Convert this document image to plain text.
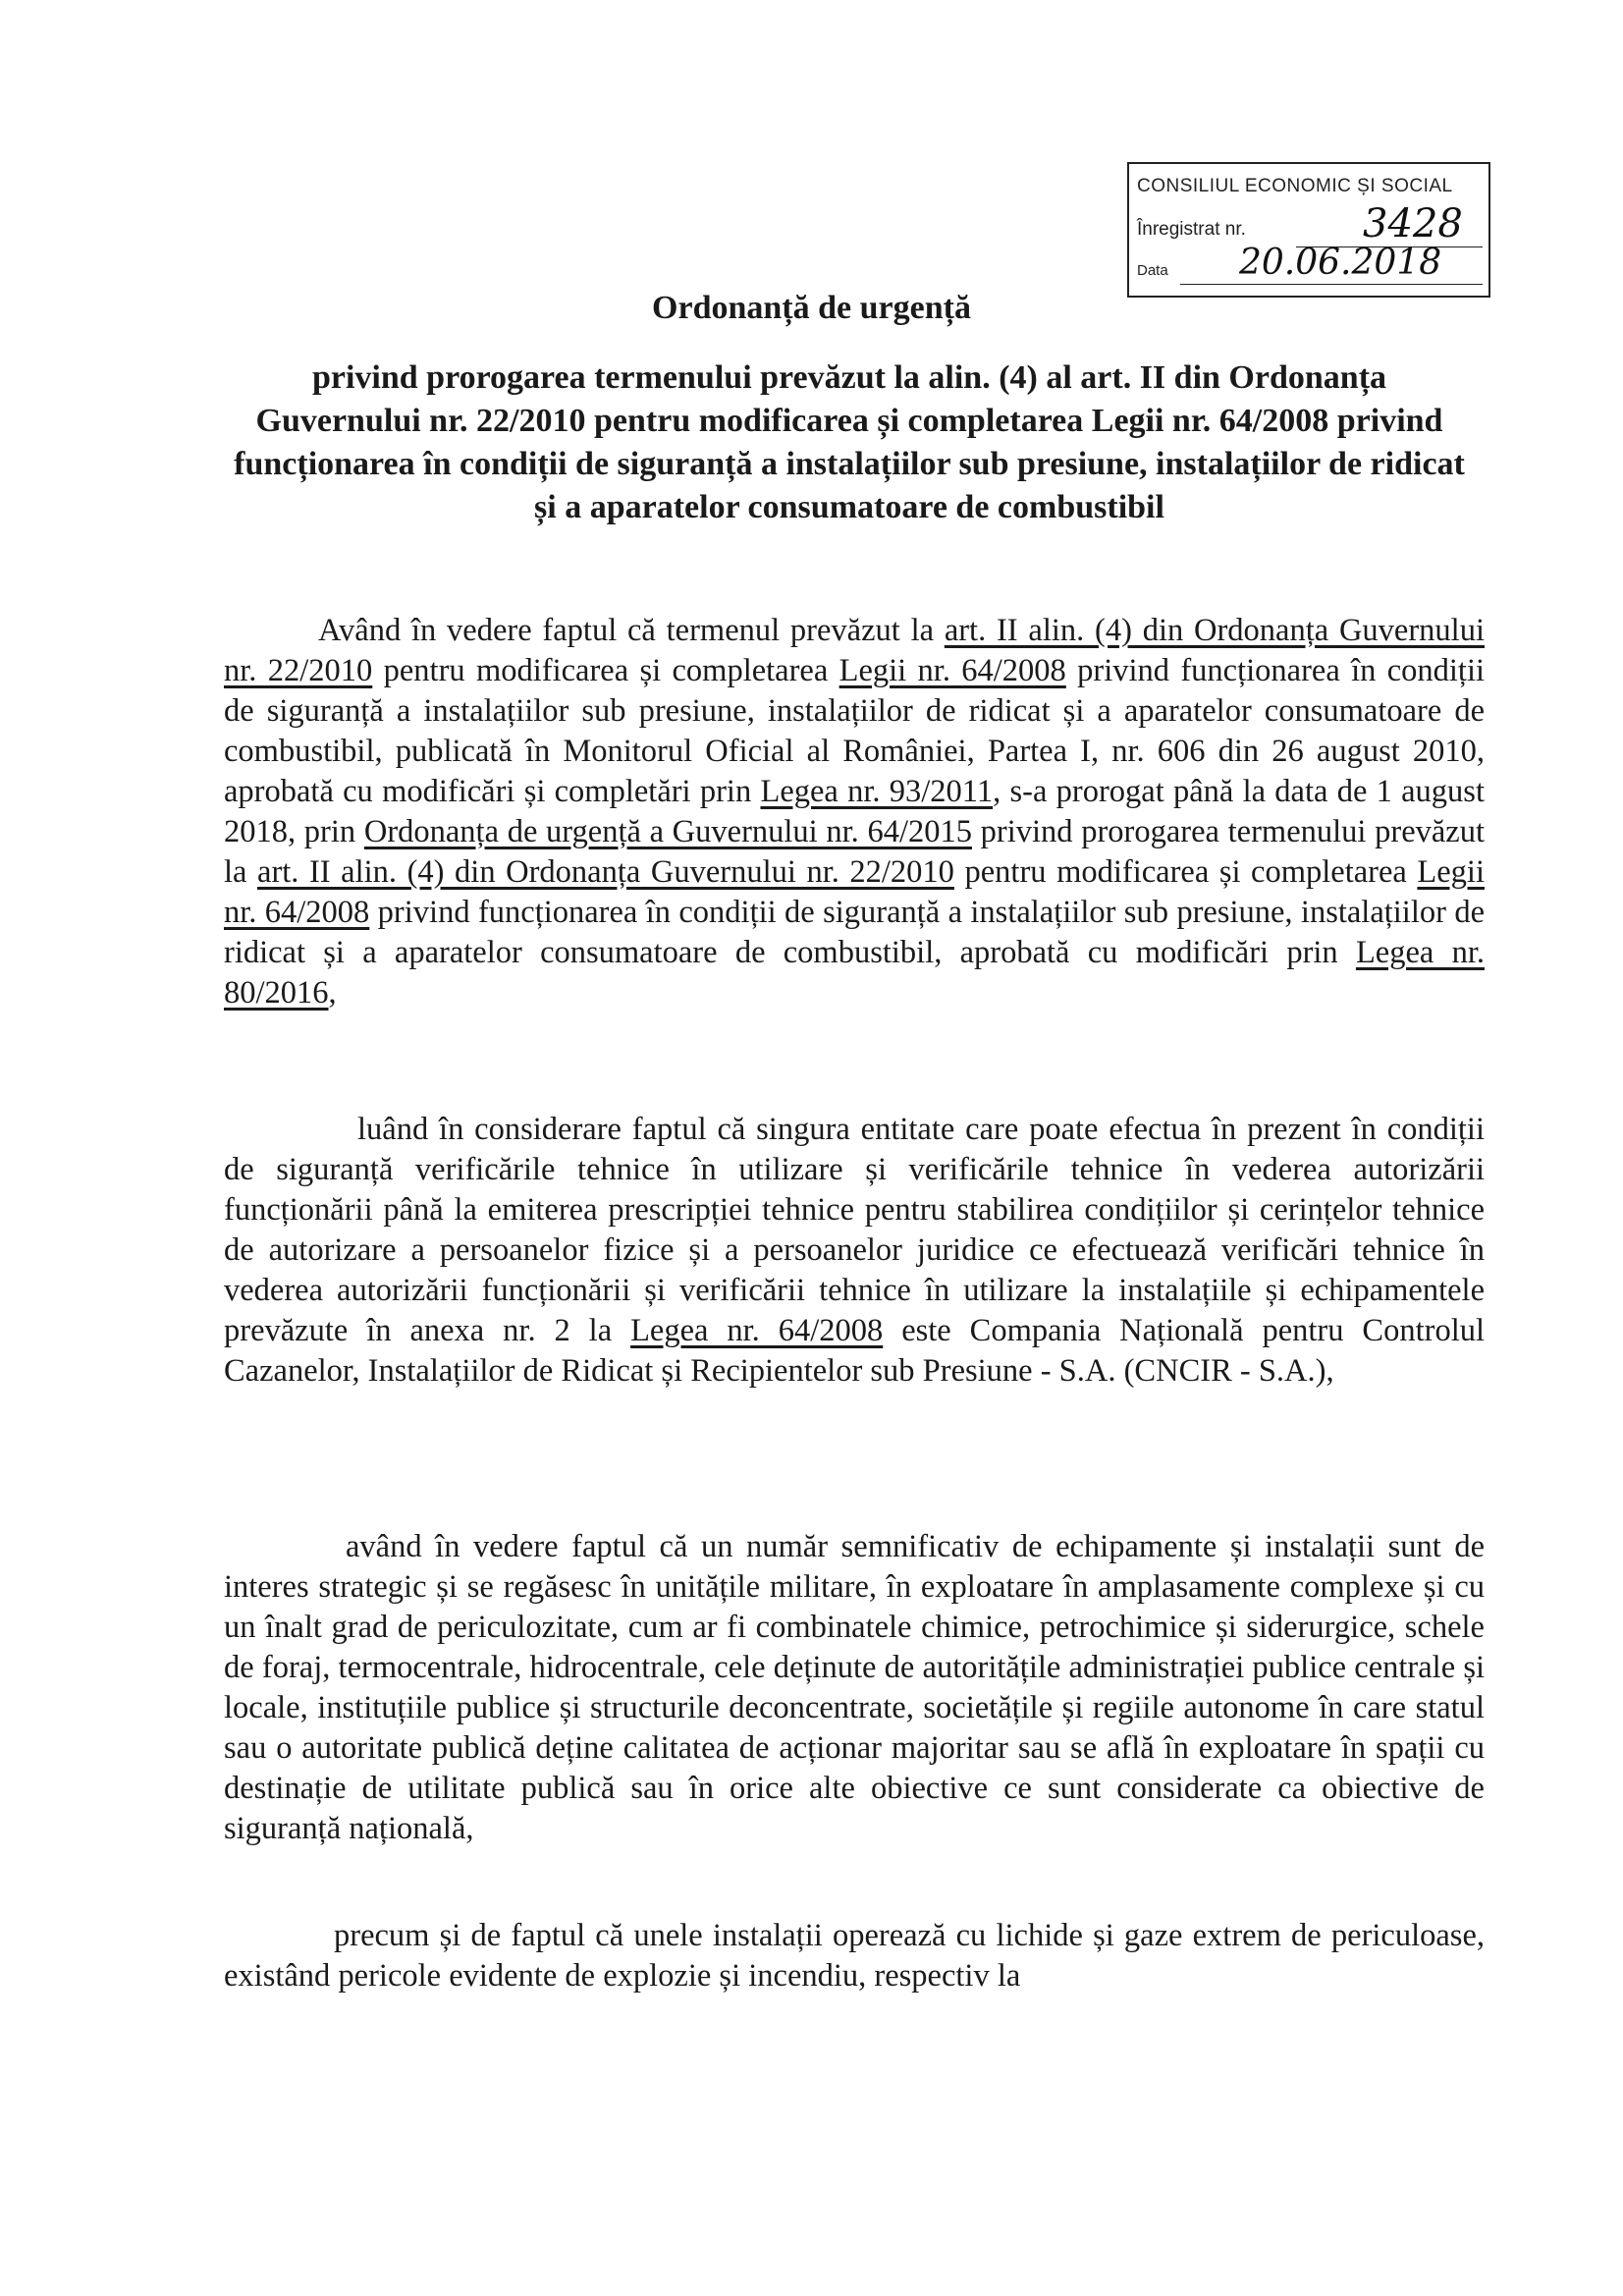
CONSILIUL ECONOMIC ȘI SOCIAL
Înregistrat nr.	3428
Data 20.06.2018
Ordonanță de urgență
privind prorogarea termenului prevăzut la alin. (4) al art. II din Ordonanța Guvernului nr. 22/2010 pentru modificarea și completarea Legii nr. 64/2008 privind funcționarea în condiții de siguranță a instalațiilor sub presiune, instalațiilor de ridicat și a aparatelor consumatoare de combustibil
Având în vedere faptul că termenul prevăzut la art. II alin. (4) din Ordonanța Guvernului nr. 22/2010 pentru modificarea și completarea Legii nr. 64/2008 privind funcționarea în condiții de siguranță a instalațiilor sub presiune, instalațiilor de ridicat și a aparatelor consumatoare de combustibil, publicată în Monitorul Oficial al României, Partea I, nr. 606 din 26 august 2010, aprobată cu modificări și completări prin Legea nr. 93/2011, s-a prorogat până la data de 1 august 2018, prin Ordonanța de urgență a Guvernului nr. 64/2015 privind prorogarea termenului prevăzut la art. II alin. (4) din Ordonanța Guvernului nr. 22/2010 pentru modificarea și completarea Legii nr. 64/2008 privind funcționarea în condiții de siguranță a instalațiilor sub presiune, instalațiilor de ridicat și a aparatelor consumatoare de combustibil, aprobată cu modificări prin Legea nr. 80/2016,
luând în considerare faptul că singura entitate care poate efectua în prezent în condiții de siguranță verificările tehnice în utilizare și verificările tehnice în vederea autorizării funcționării până la emiterea prescripției tehnice pentru stabilirea condițiilor și cerințelor tehnice de autorizare a persoanelor fizice și a persoanelor juridice ce efectuează verificări tehnice în vederea autorizării funcționării și verificării tehnice în utilizare la instalațiile și echipamentele prevăzute în anexa nr. 2 la Legea nr. 64/2008 este Compania Națională pentru Controlul Cazanelor, Instalațiilor de Ridicat și Recipientelor sub Presiune - S.A. (CNCIR - S.A.),
având în vedere faptul că un număr semnificativ de echipamente și instalații sunt de interes strategic și se regăsesc în unitățile militare, în exploatare în amplasamente complexe și cu un înalt grad de periculozitate, cum ar fi combinatele chimice, petrochimice și siderurgice, schele de foraj, termocentrale, hidrocentrale, cele deținute de autoritățile administrației publice centrale și locale, instituțiile publice și structurile deconcentrate, societățile și regiile autonome în care statul sau o autoritate publică deține calitatea de acționar majoritar sau se află în exploatare în spații cu destinație de utilitate publică sau în orice alte obiective ce sunt considerate ca obiective de siguranță națională,
precum și de faptul că unele instalații operează cu lichide și gaze extrem de periculoase, existând pericole evidente de explozie și incendiu, respectiv la
